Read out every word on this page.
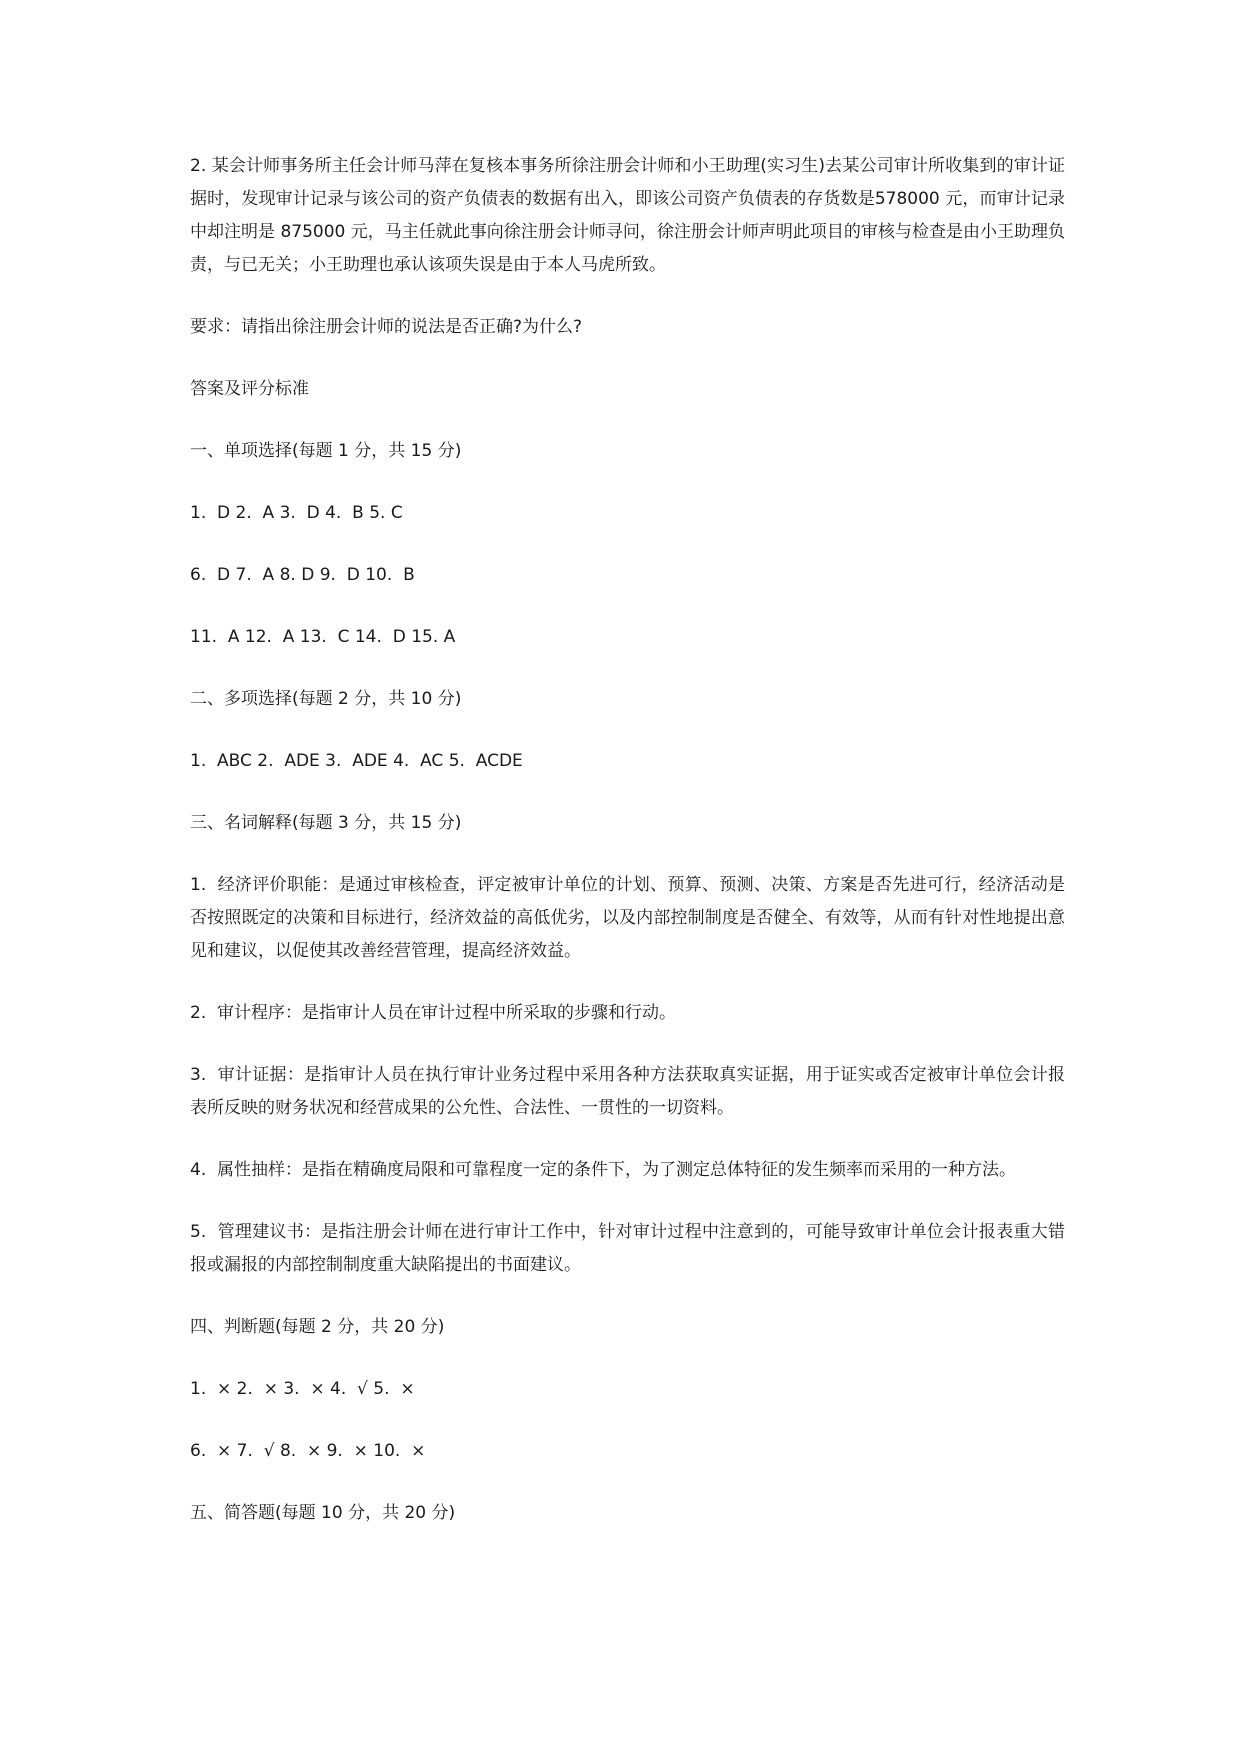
2. 某会计师事务所主任会计师马萍在复核本事务所徐注册会计师和小王助理(实习生)去某公司审计所收集到的审计证据时，发现审计记录与该公司的资产负债表的数据有出入，即该公司资产负债表的存货数是578000 元，而审计记录中却注明是 875000 元，马主任就此事向徐注册会计师寻问，徐注册会计师声明此项目的审核与检查是由小王助理负责，与已无关；小王助理也承认该项失误是由于本人马虎所致。

要求：请指出徐注册会计师的说法是否正确?为什么?

答案及评分标准

一、单项选择(每题 1 分，共 15 分)

1.  D 2.  A 3.  D 4.  B 5. C

6.  D 7.  A 8. D 9.  D 10.  B

11.  A 12.  A 13.  C 14.  D 15. A

二、多项选择(每题 2 分，共 10 分)

1.  ABC 2.  ADE 3.  ADE 4.  AC 5.  ACDE

三、名词解释(每题 3 分，共 15 分)

1.  经济评价职能：是通过审核检查，评定被审计单位的计划、预算、预测、决策、方案是否先进可行，经济活动是否按照既定的决策和目标进行，经济效益的高低优劣，以及内部控制制度是否健全、有效等，从而有针对性地提出意见和建议，以促使其改善经营管理，提高经济效益。

2.  审计程序：是指审计人员在审计过程中所采取的步骤和行动。

3.  审计证据：是指审计人员在执行审计业务过程中采用各种方法获取真实证据，用于证实或否定被审计单位会计报表所反映的财务状况和经营成果的公允性、合法性、一贯性的一切资料。

4.  属性抽样：是指在精确度局限和可靠程度一定的条件下，为了测定总体特征的发生频率而采用的一种方法。

5.  管理建议书：是指注册会计师在进行审计工作中，针对审计过程中注意到的，可能导致审计单位会计报表重大错报或漏报的内部控制制度重大缺陷提出的书面建议。

四、判断题(每题 2 分，共 20 分)

1.  × 2.  × 3.  × 4.  √ 5.  ×

6.  × 7.  √ 8.  × 9.  × 10.  ×

五、简答题(每题 10 分，共 20 分)
